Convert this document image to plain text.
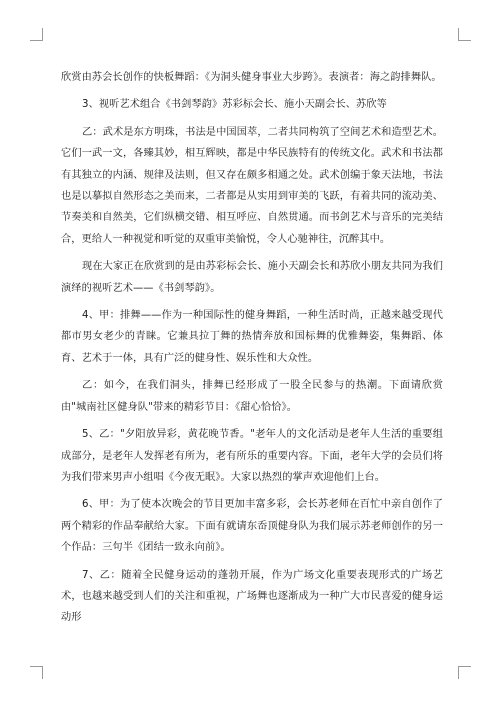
欣赏由苏会长创作的快板舞蹈：《为洞头健身事业大步跨》。表演者：海之韵排舞队。

3、视听艺术组合《书剑琴韵》苏彩标会长、施小天副会长、苏欣等

乙：武术是东方明珠，书法是中国国萃，二者共同构筑了空间艺术和造型艺术。它们一武一文，各臻其妙，相互辉映，都是中华民族特有的传统文化。武术和书法都有其独立的内涵、规律及法则，但又存在颇多相通之处。武术创编于象天法地，书法也是以摹拟自然形态之美而来，二者都是从实用到审美的飞跃，有着共同的流动美、节奏美和自然美，它们纵横交错、相互呼应、自然贯通。而书剑艺术与音乐的完美结合，更给人一种视觉和听觉的双重审美愉悦，令人心驰神往，沉醉其中。

现在大家正在欣赏到的是由苏彩标会长、施小天副会长和苏欣小朋友共同为我们演绎的视听艺术——《书剑琴韵》。

4、甲：排舞——作为一种国际性的健身舞蹈，一种生活时尚，正越来越受现代都市男女老少的青睐。它兼具拉丁舞的热情奔放和国标舞的优雅舞姿，集舞蹈、体育、艺术于一体，具有广泛的健身性、娱乐性和大众性。

乙：如今，在我们洞头，排舞已经形成了一股全民参与的热潮。下面请欣赏由"城南社区健身队"带来的精彩节目：《甜心恰恰》。

5、乙："夕阳放异彩，黄花晚节香。"老年人的文化活动是老年人生活的重要组成部分，是老年人发挥老有所为，老有所乐的重要内容。下面，老年大学的会员们将为我们带来男声小组唱《今夜无眠》。大家以热烈的掌声欢迎他们上台。

6、甲：为了使本次晚会的节目更加丰富多彩，会长苏老师在百忙中亲自创作了两个精彩的作品奉献给大家。下面有就请东岙顶健身队为我们展示苏老师创作的另一个作品：三句半《团结一致永向前》。

7、乙：随着全民健身运动的蓬勃开展，作为广场文化重要表现形式的广场艺术，也越来越受到人们的关注和重视，广场舞也逐渐成为一种广大市民喜爱的健身运动形
